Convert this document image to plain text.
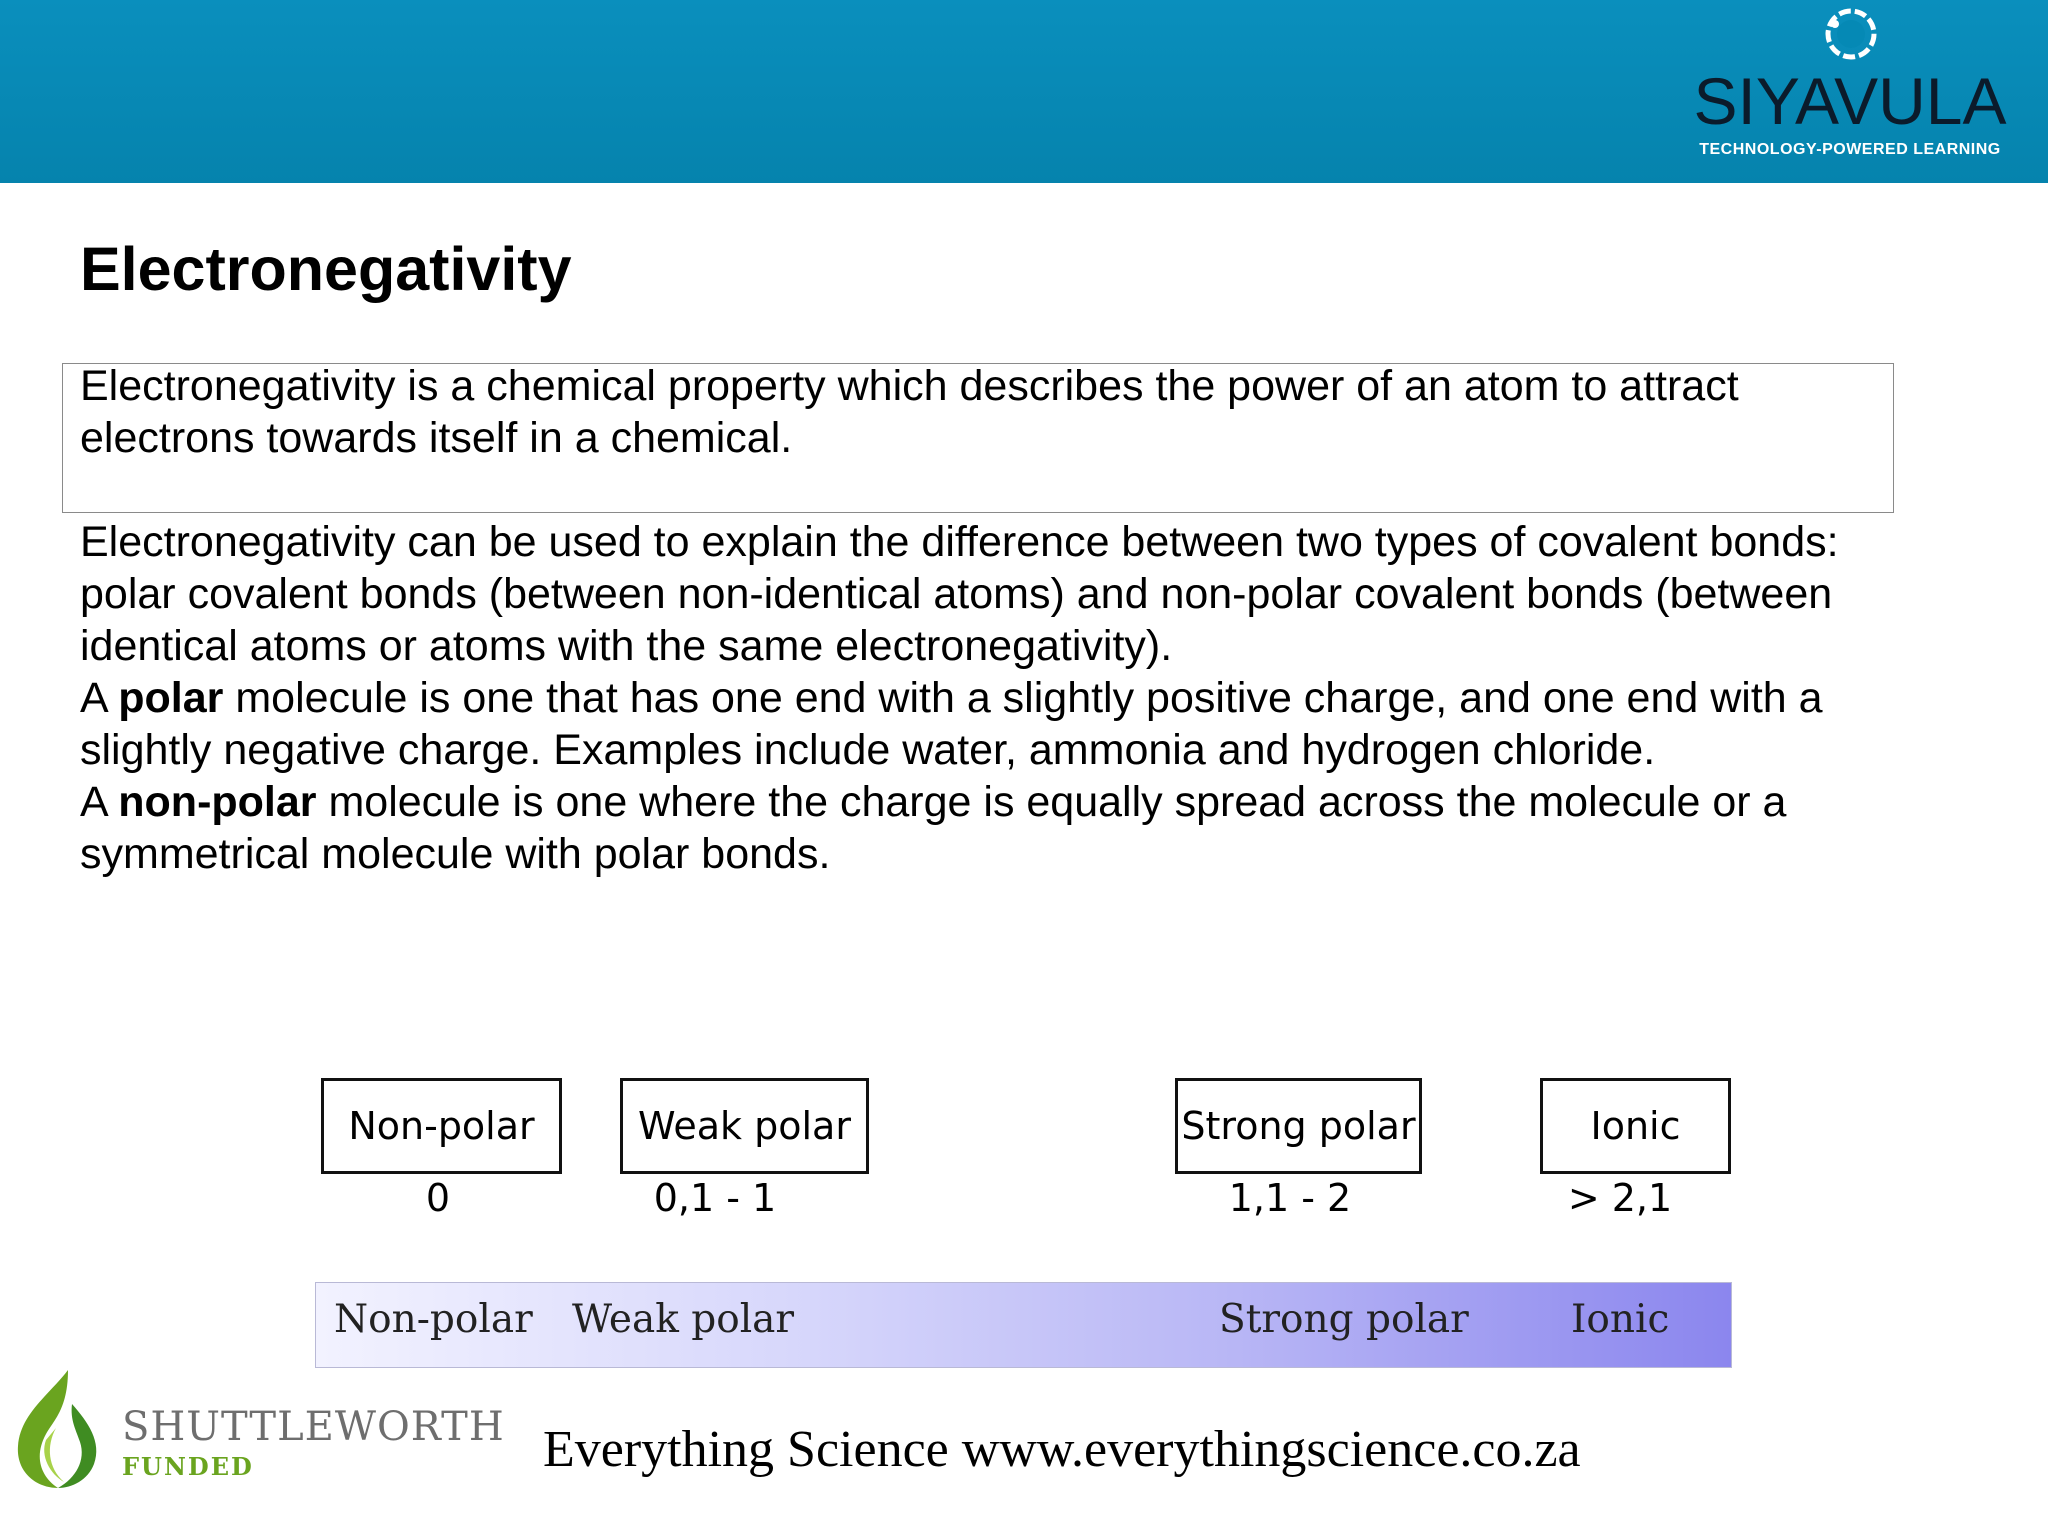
SIYAVULA
TECHNOLOGY-POWERED LEARNING
Electronegativity
Electronegativity is a chemical property which describes the power of an atom to attract electrons towards itself in a chemical.

Electronegativity can be used to explain the difference between two types of covalent bonds: polar covalent bonds (between non-identical atoms) and non-polar covalent bonds (between identical atoms or atoms with the same electronegativity).

A polar molecule is one that has one end with a slightly positive charge, and one end with a slightly negative charge. Examples include water, ammonia and hydrogen chloride.

A non-polar molecule is one where the charge is equally spread across the molecule or a symmetrical molecule with polar bonds.

Non-polar
0
Weak polar
0,1 - 1
Strong polar
1,1 - 2
Ionic
> 2,1
Non-polar Weak polar	Strong polar	Ionic
SHUTTLEWORTH
FUNDED	Everything Science www.everythingscience.co.za
